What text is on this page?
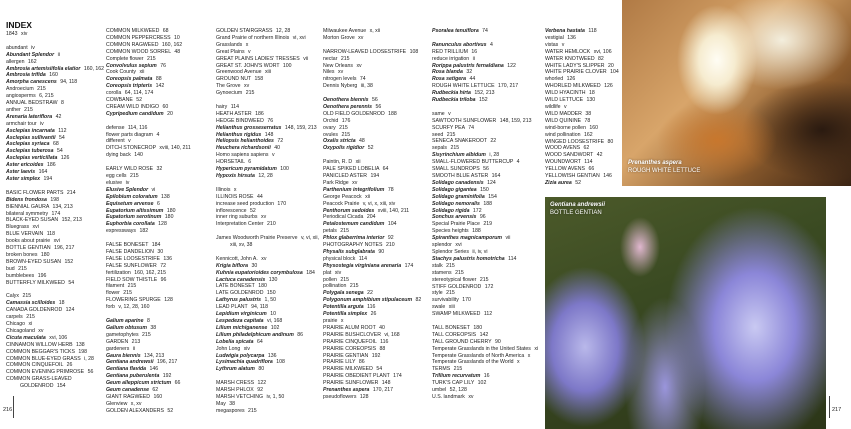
INDEX
1843 xiv
abundant iv
Abundant Splendor ii
allergen 162
Ambrosia artemisiifolia elatior 160, 162
Ambrosia trifida 160
Amorpha canescens 94, 118
Androecium 215
angiosperms 6, 215
ANNUAL BEDSTRAW 8
anther 215
Arenaria lateriflora 42
armchair tour iv
Asclepias incarnata 112
Asclepias sullivantii 54
Asclepias syriaca 68
Asclepias tuberosa 54
Asclepias verticillata 126
Aster ericoides 186
Aster laevis 164
Aster simplex 194
BASIC FLOWER PARTS 214
Bidens frondosa 198
BIENNIAL GAURA 134, 213
bilateral symmetry 174
BLACK-EYED SUSAN 152, 213
Bluegrass xvi
BLUE VERVAIN 118
books about prairie xvi
BOTTLE GENTIAN 196, 217
broken bones 180
BROWN-EYED SUSAN 152
bud 215
bumblebees 196
BUTTERFLY MILKWEED 54
Calyx 215
Camassia scilloides 18
CANADA GOLDENROD 124
carpels 215
Chicago xi
Chicagoland xv
Cicuta maculata xvi, 106
CINNAMON WILLOW HERB 138
COMMON BEGGAR'S TICKS 198
COMMON BLUE-EYED GRASS i, 28
COMMON CINQUEFOIL 26
COMMON EVENING PRIMROSE 56
COMMON GRASS-LEAVED GOLDENROD 154
COMMON MILKWEED 68
COMMON PEPPERCRESS 10
COMMON RAGWEED 160, 162
COMMON WOOD SORREL 48
Complete flower 215
Convolvulus sepium 76
Cook County xii
Coreopsis palmata 88
Coreopsis tripteris 142
corolla 64, 114, 174
COWBANE 52
CREAM WILD INDIGO 60
Cypripedium candidum 20
defense 114, 116
flower parts diagram 4
different v
DITCH STONECROP xviii, 140, 211
dying back 140
EARLY WILD ROSE 32
egg cells 215
elusive iv
Elusive Splendor vi
Epilobium coloratum 138
Equisetum arvense 6
Eupatorium altissimum 180
Eupatorium serotinum 180
Euphorbia corollata 128
expressways 182
FALSE BONESET 184
FALSE DANDELION 30
FALSE LOOSESTRIFE 136
FALSE SUNFLOWER 72
fertilization 160, 162, 215
FIELD SOW THISTLE 96
filament 215
flower 215
FLOWERING SPURGE 128
forb v, 12, 28, 160
Galium aparine 8
Galium obtusum 38
gametophytes 215
GARDEN 213
gardeners ii
Gaura biennis 134, 213
Gentiana andrewsii 196, 217
Gentiana flavida 146
Gentiana puberulenta 192
Geum alleppicum strictum 66
Geum canadense 62
GIANT RAGWEED 160
Glenview x, xv
GOLDEN ALEXANDERS 52
GOLDEN STAIRGRASS 12, 28
Grand Prairie of northern Illinois vi, xvi
Grasslands x
Great Plains v
GREAT PLAINS LADIES' TRESSES vii
GREAT ST. JOHN'S WORT 100
Greenwood Avenue xiii
GROUND NUT 158
The Grove xv
Gynoecium 215
hairy 114
HEATH ASTER 186
HEDGE BINDWEED 76
Helianthus grosseserratus 148, 159, 213
Helianthus rigidus 148
Heliopsis helianthoides 72
Heuchera richardsonii 40
Homo sapiens sapiens v
HORSETAIL 6
Hypericum pyramidatum 100
Hypoxis hirsuta 12, 28
Illinois x
ILLINOIS ROSE 44
increase seed production 170
inflorescence 52
inner ring suburbs xv
Interpretation Center 210
James Woodworth Prairie Preserve v, vi, xii, xiii, xv, 38
Kennicott, John A. xv
Krigia biflora 30
Kuhnia eupatorioides corymbulosa 184
Lactuca canadensis 130
LATE BONESET 180
LATE GOLDENROD 150
Lathyrus palustris 1, 50
LEAD PLANT 94, 118
Lepidium virginicum 10
Lespedeza capitata vi, 168
Lilium michiganense 102
Lilium philadelphicum andinum 86
Lobelia spicata 64
John Long xiv
Ludwigia polycarpa 136
Lysimachia quadriflora 108
Lythrum alatum 80
MARSH CRESS 122
MARSH PHLOX 92
MARSH VETCHING iv, 1, 50
May 38
megaspores 215
Milwaukee Avenue x, xii
Morton Grove xv
NARROW-LEAVED LOOSESTRIFE 108
nectar 215
New Orleans xv
Niles xv
nitrogen levels 74
Dennis Nyberg iii, 38
Oenothera biennis 56
Oenothera perennis 56
OLD FIELD GOLDENROD 188
Orchid 176
ovary 215
ovules 215
Oxalis stricta 48
Oxypolis rigidior 52
Paintin, R. D xii
PALE SPIKED LOBELIA 64
PANICLED ASTER 194
Park Ridge xv
Parthenium integrifolium 78
George Peacock xii
Peacock Prairie v, vi, x, xiii, xiv
Penthorum sedoides xviii, 140, 211
Periodical Cicada 204
Petalostemum candidum 104
petals 215
Phlox glaberrima interior 92
PHOTOGRAPHY NOTES 210
Physalis subglabrata 90
physical block 114
Physostegia virginiana arenaria 174
plat xiv
pollen 215
pollination 215
Polygala senega 22
Polygonum amphibium stipulaceum 82
Potentilla arguta 116
Potentilla simplex 26
prairie x
PRAIRIE ALUM ROOT 40
PRAIRIE BUSHCLOVER vi, 168
PRAIRIE CINQUEFOIL 116
PRAIRIE COREOPSIS 88
PRAIRIE GENTIAN 192
PRAIRIE LILY 86
PRAIRIE MILKWEED 54
PRAIRIE OBEDIENT PLANT 174
PRAIRIE SUNFLOWER 148
Prenanthes aspera 170, 217
pseudoflowers 128
Psoralea tenuiflora 74
Ranunculus abortivus 4
RED TRILLIUM 16
reduce irrigation ii
Rorippa palustris fernaldiana 122
Rosa blanda 32
Rosa setigera 44
ROUGH WHITE LETTUCE 170, 217
Rudbeckia hirta 152, 213
Rudbeckia triloba 152
same v
SAWTOOTH SUNFLOWER 148, 159, 213
SCURFY PEA 74
seed 215
SENECA SNAKEROOT 22
sepals 215
Sisyrinchium albidum i, 28
SMALL-FLOWERED BUTTERCUP 4
SMALL SUNDROPS 56
SMOOTH BLUE ASTER 164
Solidago canadensis 124
Solidago gigantea 150
Solidago graminifolia 154
Solidago nemoralis 188
Solidago rigida 172
Sonchus arvensis 96
Special Prairie Place 219
Species heights 188
Spiranthes magnicamporum vii
splendor xvi
Splendor Series ii, iv, vi
Stachys palustris homotricha 114
stalk 215
stamens 215
stereotypical flower 215
STIFF GOLDENROD 172
style 215
survivability 170
swale xiii
SWAMP MILKWEED 112
TALL BONESET 180
TALL COREOPSIS 142
TALL GROUND CHERRY 90
Temperate Grasslands in the United States xi
Temperate Grasslands of North America x
Temperate Grasslands of the World x
TERMS 215
Trillium recurvatum 16
TURK'S CAP LILY 102
umbel 52, 128
U.S. landmark xv
Verbena hastata 118
vestigial 136
vistas v
WATER HEMLOCK xvi, 106
WATER KNOTWEED 82
WHITE LADY'S SLIPPER 20
WHITE PRAIRIE CLOVER 104
whorled 126
WHORLED MILKWEED 126
WILD HYACINTH 18
WILD LETTUCE 130
wildlife v
WILD MADDER 38
WILD QUININE 78
wind-borne pollen 160
wind pollination 162
WINGED LOOSESTRIFE 80
WOOD AVENS 62
WOOD SANDWORT 42
WOUNDWORT 114
YELLOW AVENS 66
YELLOWISH GENTIAN 146
Zizia aurea 52
Prenanthes aspera
ROUGH WHITE LETTUCE
Gentiana andrewsii
BOTTLE GENTIAN
216	217
